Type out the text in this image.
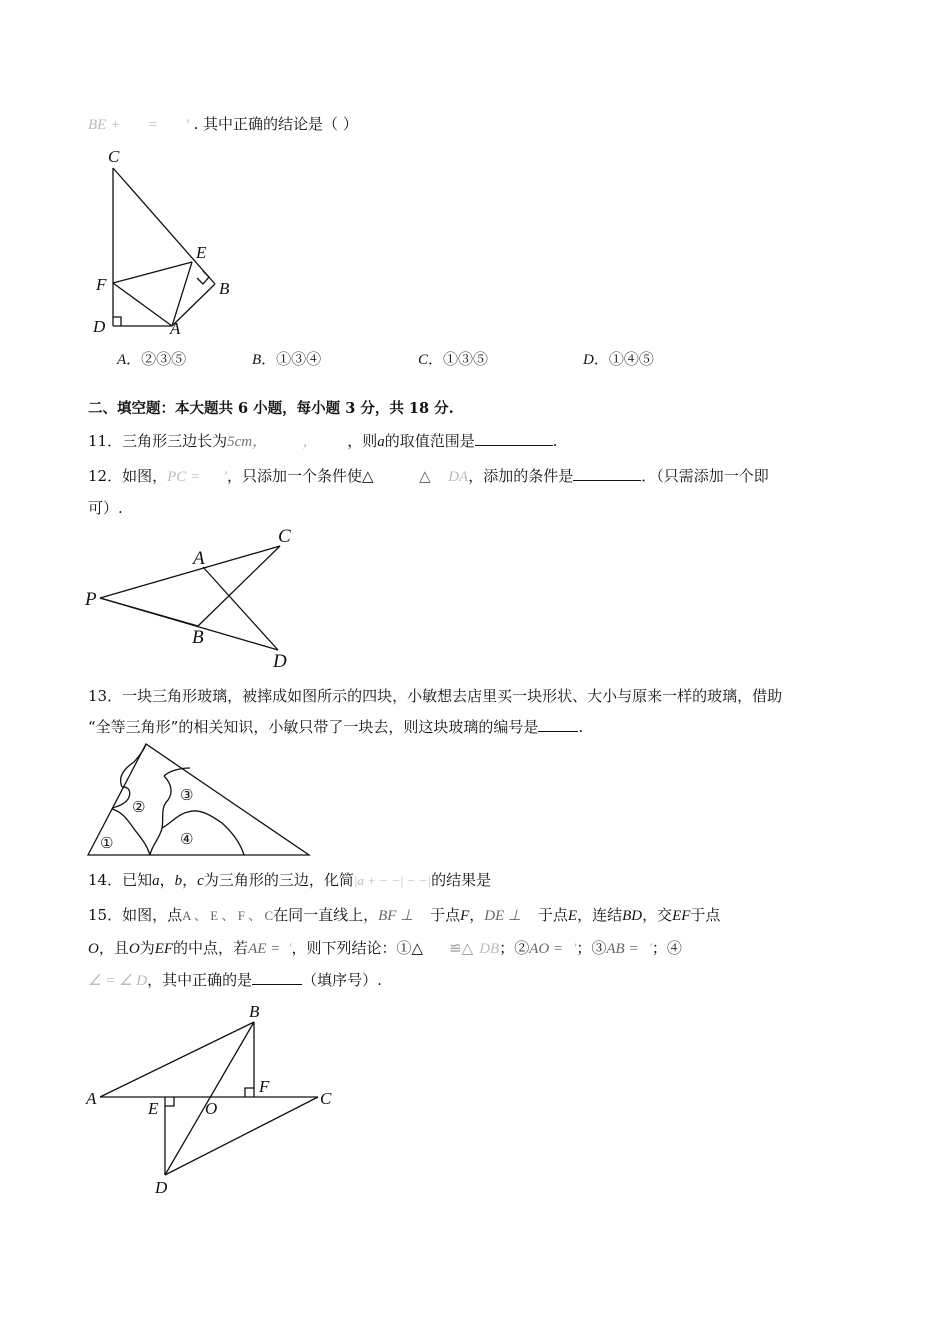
BE + = ′ . 其中正确的结论是（ ）
C
E
F	B
D	A
A．②③⑤	B．①③④	C．①③⑤	D．①④⑤
二、填空题：本大题共 6 小题，每小题 3 分，共 18 分.
11．三角形三边长为5cm， ， ，则a的取值范围是	.
12．如图，PC = ′，只添加一个条件使△	△ DA，添加的条件是	．（只需添加一个即
可）.
C
A
P
B
D
13．一块三角形玻璃，被摔成如图所示的四块，小敏想去店里买一块形状、大小与原来一样的玻璃，借助
“全等三角形”的相关知识，小敏只带了一块去，则这块玻璃的编号是	.
①
②
③
④
14．已知a，b，c为三角形的三边，化简|a + − −| − −|的结果是
15．如图，点A 、 E 、 F 、 C在同一直线上，BF ⊥ 于点F，DE ⊥ 于点E，连结BD，交EF于点
O，且O为EF的中点，若AE = ′，则下列结论：①△ ≌△ DB；②AO = ′；③AB = ′；④
∠ = ∠ D，其中正确的是	（填序号）.
B
F
A
E	O
C
D
